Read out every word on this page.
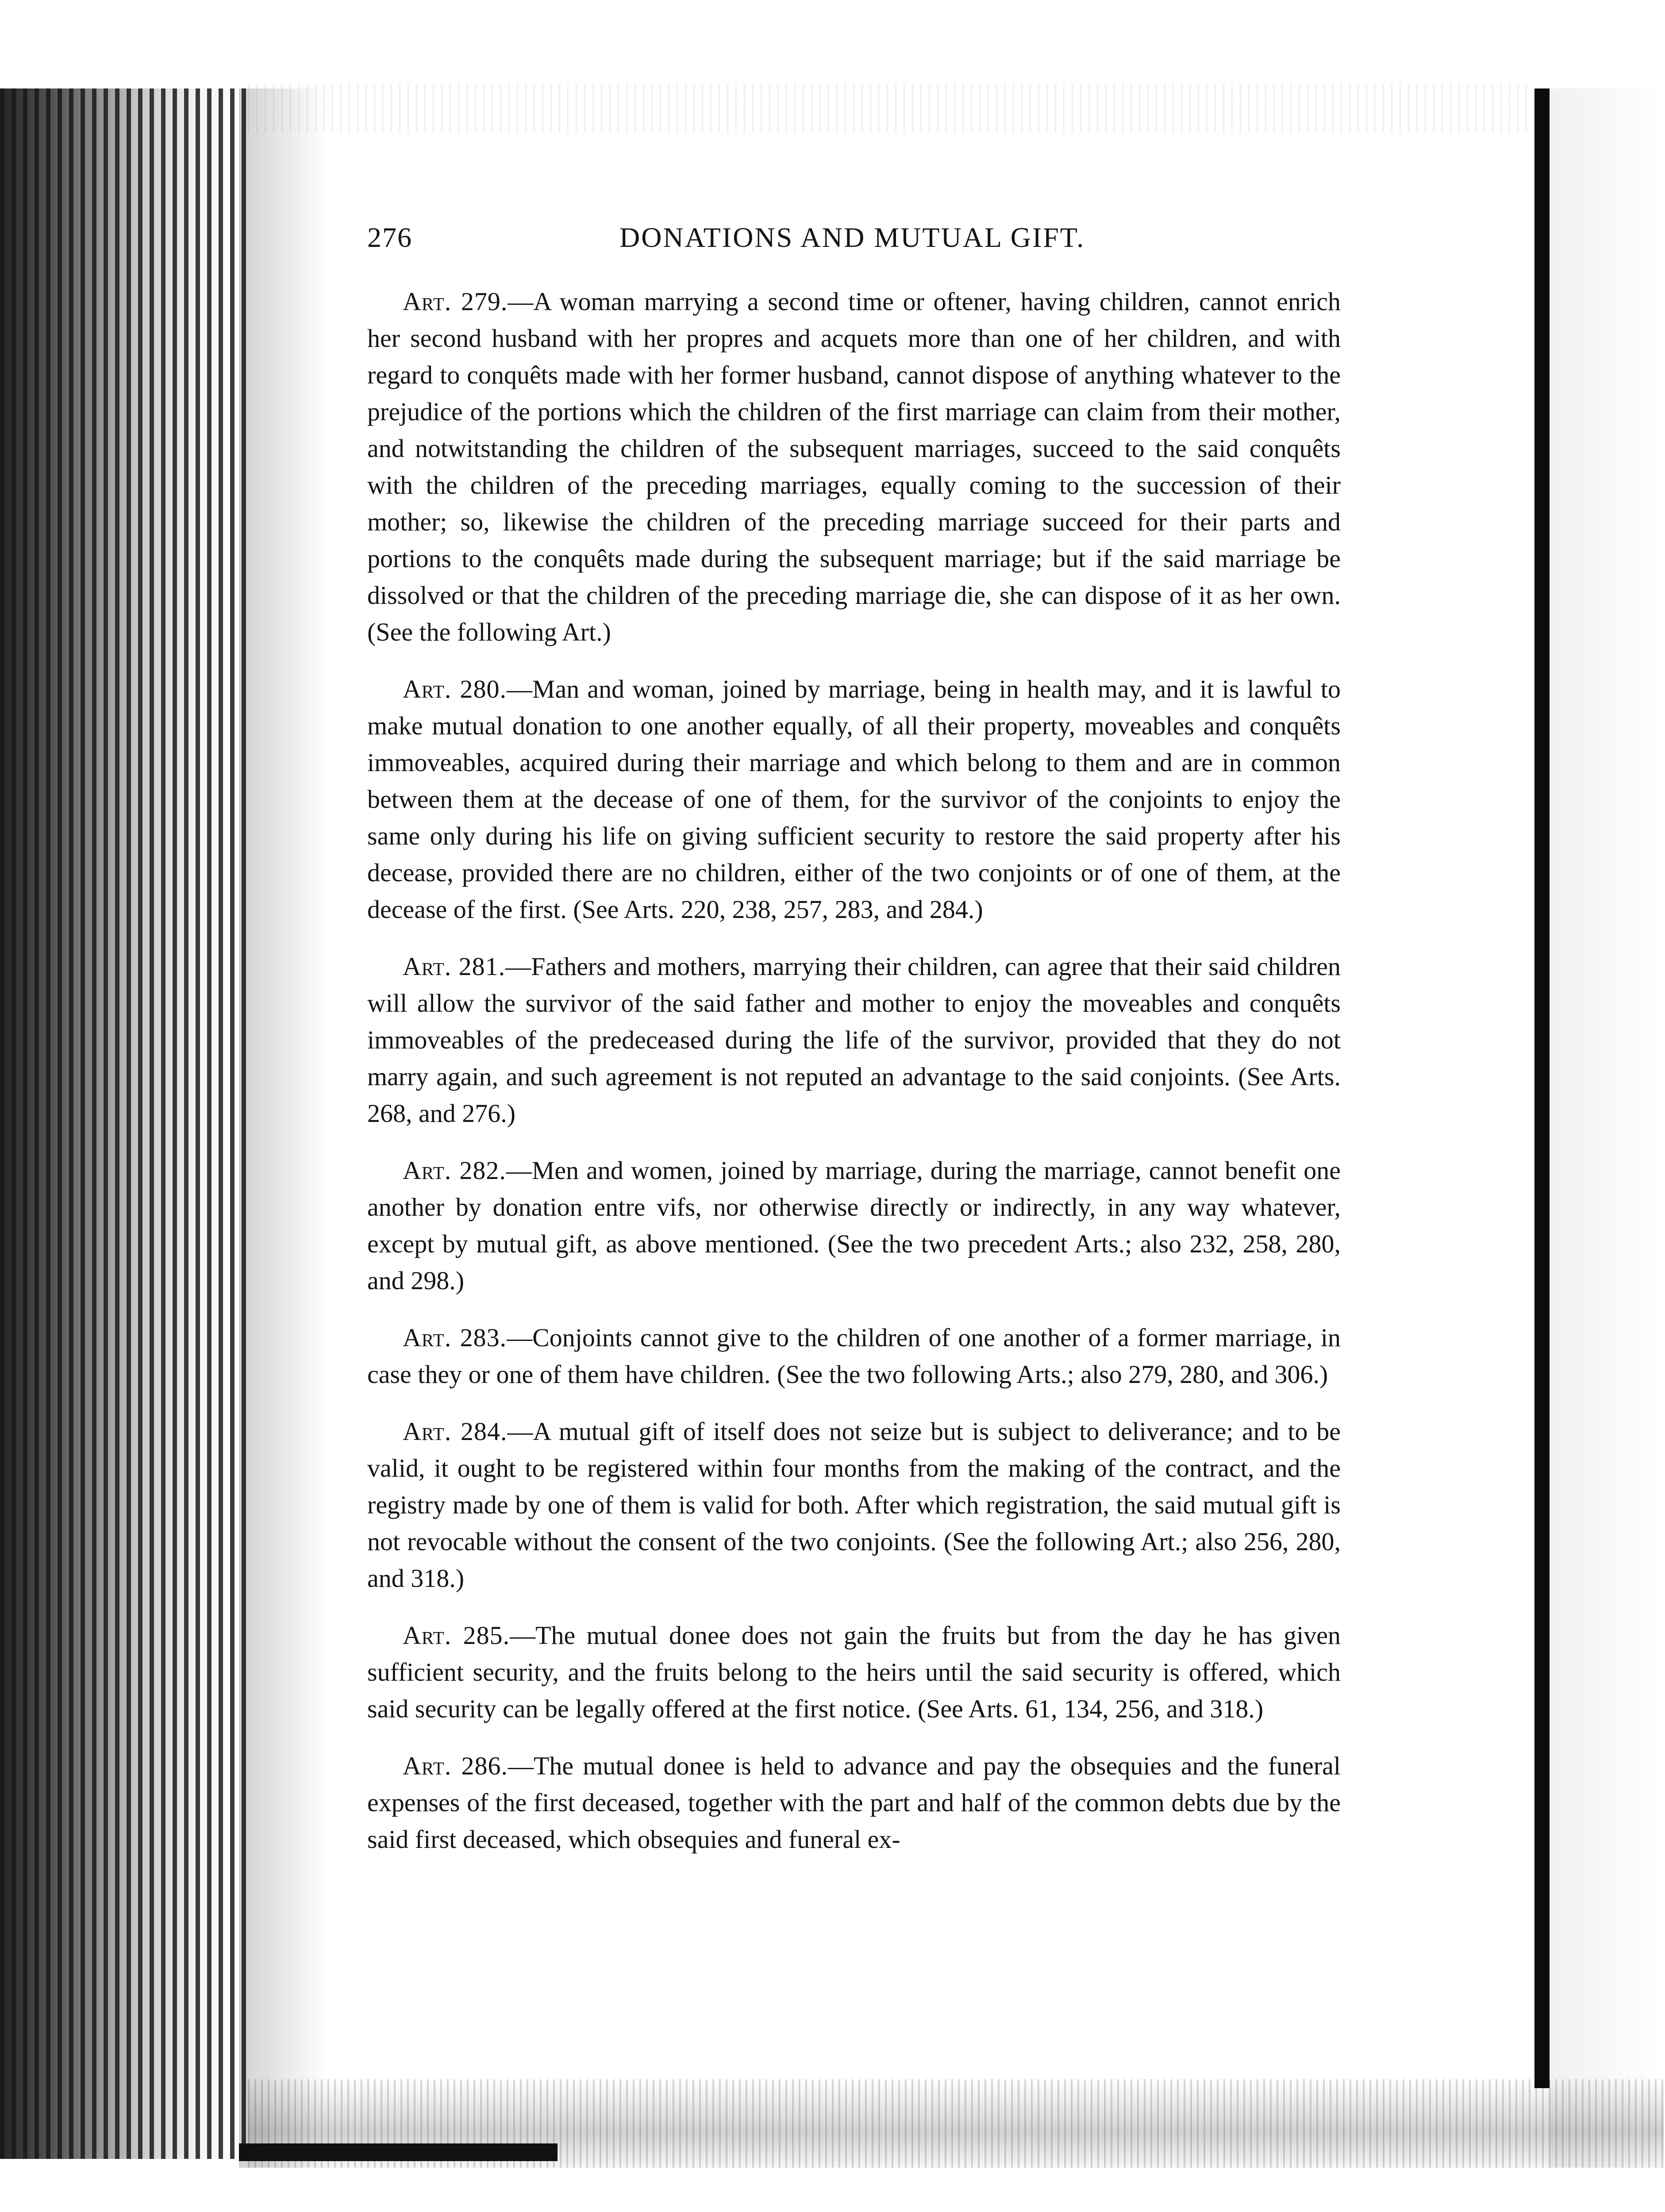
276	DONATIONS AND MUTUAL GIFT.

Art. 279.—A woman marrying a second time or oftener, having children, cannot enrich her second husband with her propres and acquets more than one of her children, and with regard to conquêts made with her former husband, cannot dispose of anything whatever to the prejudice of the portions which the children of the first marriage can claim from their mother, and notwitstanding the children of the subsequent marriages, succeed to the said conquêts with the children of the preceding marriages, equally coming to the succession of their mother; so, likewise the children of the preceding marriage succeed for their parts and portions to the conquêts made during the subsequent marriage; but if the said marriage be dissolved or that the children of the preceding marriage die, she can dispose of it as her own. (See the following Art.)

Art. 280.—Man and woman, joined by marriage, being in health may, and it is lawful to make mutual donation to one another equally, of all their property, moveables and conquêts immoveables, acquired during their marriage and which belong to them and are in common between them at the decease of one of them, for the survivor of the conjoints to enjoy the same only during his life on giving sufficient security to restore the said property after his decease, provided there are no children, either of the two conjoints or of one of them, at the decease of the first. (See Arts. 220, 238, 257, 283, and 284.)

Art. 281.—Fathers and mothers, marrying their children, can agree that their said children will allow the survivor of the said father and mother to enjoy the moveables and conquêts immoveables of the predeceased during the life of the survivor, provided that they do not marry again, and such agreement is not reputed an advantage to the said conjoints. (See Arts. 268, and 276.)

Art. 282.—Men and women, joined by marriage, during the marriage, cannot benefit one another by donation entre vifs, nor otherwise directly or indirectly, in any way whatever, except by mutual gift, as above mentioned. (See the two precedent Arts.; also 232, 258, 280, and 298.)

Art. 283.—Conjoints cannot give to the children of one another of a former marriage, in case they or one of them have children. (See the two following Arts.; also 279, 280, and 306.)

Art. 284.—A mutual gift of itself does not seize but is subject to deliverance; and to be valid, it ought to be registered within four months from the making of the contract, and the registry made by one of them is valid for both. After which registration, the said mutual gift is not revocable without the consent of the two conjoints. (See the following Art.; also 256, 280, and 318.)

Art. 285.—The mutual donee does not gain the fruits but from the day he has given sufficient security, and the fruits belong to the heirs until the said security is offered, which said security can be legally offered at the first notice. (See Arts. 61, 134, 256, and 318.)

Art. 286.—The mutual donee is held to advance and pay the obsequies and the funeral expenses of the first deceased, together with the part and half of the common debts due by the said first deceased, which obsequies and funeral ex-
